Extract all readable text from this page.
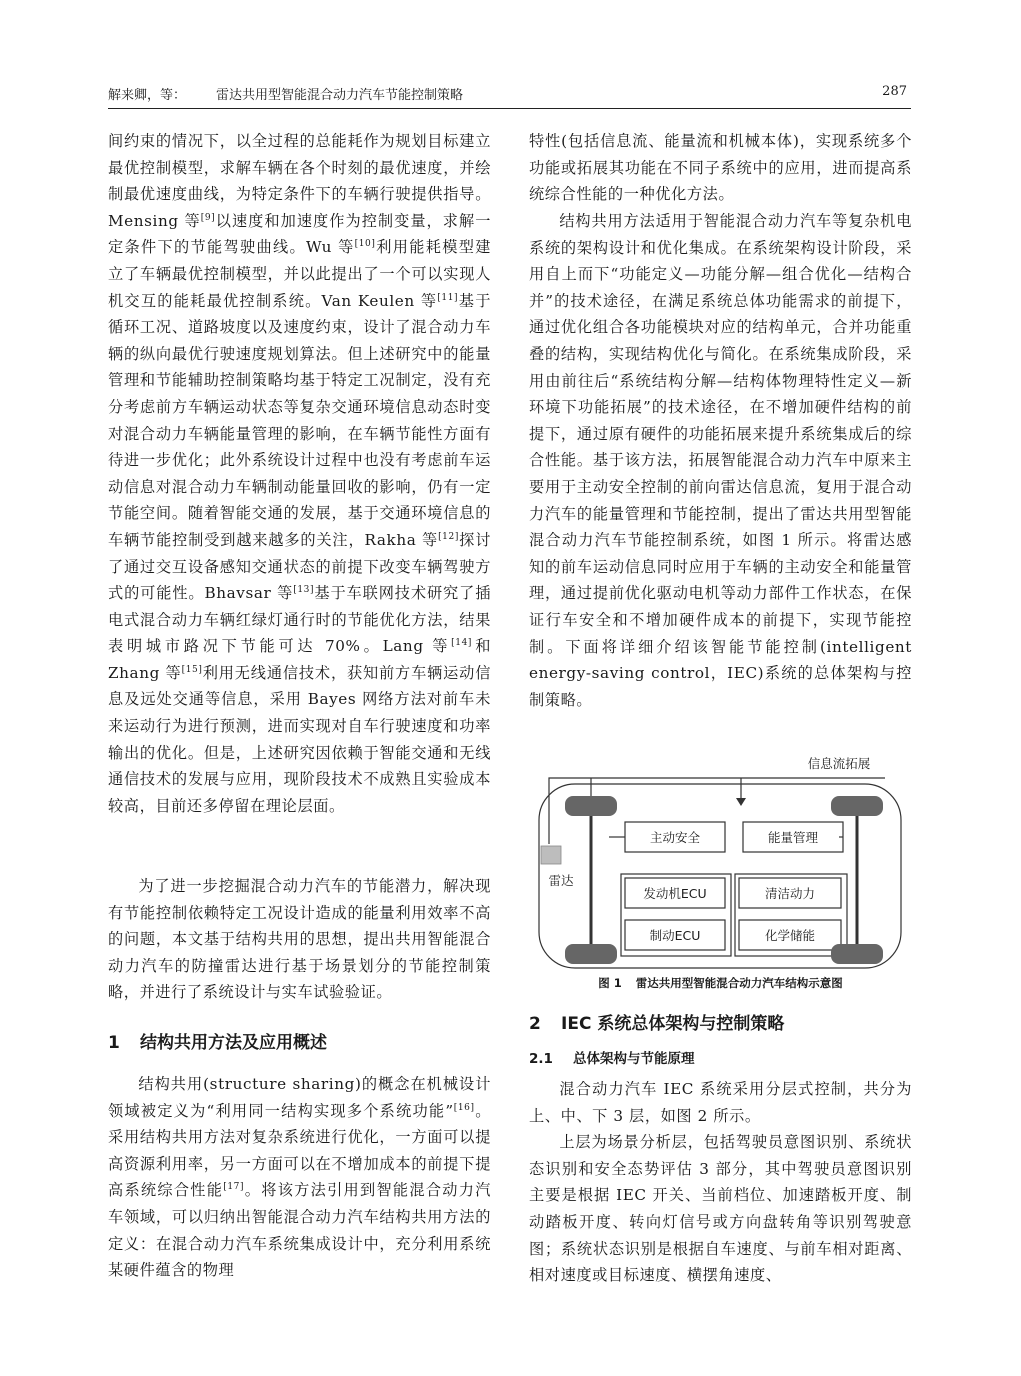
解来卿，等： 雷达共用型智能混合动力汽车节能控制策略	287

间约束的情况下，以全过程的总能耗作为规划目标建立最优控制模型，求解车辆在各个时刻的最优速度，并绘制最优速度曲线，为特定条件下的车辆行驶提供指导。Mensing 等[9]以速度和加速度作为控制变量，求解一定条件下的节能驾驶曲线。Wu 等[10]利用能耗模型建立了车辆最优控制模型，并以此提出了一个可以实现人机交互的能耗最优控制系统。Van Keulen 等[11]基于循环工况、道路坡度以及速度约束，设计了混合动力车辆的纵向最优行驶速度规划算法。但上述研究中的能量管理和节能辅助控制策略均基于特定工况制定，没有充分考虑前方车辆运动状态等复杂交通环境信息动态时变对混合动力车辆能量管理的影响，在车辆节能性方面有待进一步优化；此外系统设计过程中也没有考虑前车运动信息对混合动力车辆制动能量回收的影响，仍有一定节能空间。随着智能交通的发展，基于交通环境信息的车辆节能控制受到越来越多的关注，Rakha 等[12]探讨了通过交互设备感知交通状态的前提下改变车辆驾驶方式的可能性。Bhavsar 等[13]基于车联网技术研究了插电式混合动力车辆红绿灯通行时的节能优化方法，结果表明城市路况下节能可达 70%。Lang 等[14]和 Zhang 等[15]利用无线通信技术，获知前方车辆运动信息及远处交通等信息，采用 Bayes 网络方法对前车未来运动行为进行预测，进而实现对自车行驶速度和功率输出的优化。但是，上述研究因依赖于智能交通和无线通信技术的发展与应用，现阶段技术不成熟且实验成本较高，目前还多停留在理论层面。

为了进一步挖掘混合动力汽车的节能潜力，解决现有节能控制依赖特定工况设计造成的能量利用效率不高的问题，本文基于结构共用的思想，提出共用智能混合动力汽车的防撞雷达进行基于场景划分的节能控制策略，并进行了系统设计与实车试验验证。

1 结构共用方法及应用概述

结构共用(structure sharing)的概念在机械设计领域被定义为“利用同一结构实现多个系统功能”[16]。采用结构共用方法对复杂系统进行优化，一方面可以提高资源利用率，另一方面可以在不增加成本的前提下提高系统综合性能[17]。将该方法引用到智能混合动力汽车领域，可以归纳出智能混合动力汽车结构共用方法的定义：在混合动力汽车系统集成设计中，充分利用系统某硬件蕴含的物理

特性(包括信息流、能量流和机械本体)，实现系统多个功能或拓展其功能在不同子系统中的应用，进而提高系统综合性能的一种优化方法。

结构共用方法适用于智能混合动力汽车等复杂机电系统的架构设计和优化集成。在系统架构设计阶段，采用自上而下“功能定义—功能分解—组合优化—结构合并”的技术途径，在满足系统总体功能需求的前提下，通过优化组合各功能模块对应的结构单元，合并功能重叠的结构，实现结构优化与简化。在系统集成阶段，采用由前往后“系统结构分解—结构体物理特性定义—新环境下功能拓展”的技术途径，在不增加硬件结构的前提下，通过原有硬件的功能拓展来提升系统集成后的综合性能。基于该方法，拓展智能混合动力汽车中原来主要用于主动安全控制的前向雷达信息流，复用于混合动力汽车的能量管理和节能控制，提出了雷达共用型智能混合动力汽车节能控制系统，如图 1 所示。将雷达感知的前车运动信息同时应用于车辆的主动安全和能量管理，通过提前优化驱动电机等动力部件工作状态，在保证行车安全和不增加硬件成本的前提下，实现节能控制。下面将详细介绍该智能节能控制(intelligent energy-saving control，IEC)系统的总体架构与控制策略。

信息流拓展
主动安全	能量管理
发动机ECU
制动ECU
清洁动力
化学储能
雷达
图 1 雷达共用型智能混合动力汽车结构示意图
2 IEC 系统总体架构与控制策略
2.1 总体架构与节能原理

混合动力汽车 IEC 系统采用分层式控制，共分为上、中、下 3 层，如图 2 所示。

上层为场景分析层，包括驾驶员意图识别、系统状态识别和安全态势评估 3 部分，其中驾驶员意图识别主要是根据 IEC 开关、当前档位、加速踏板开度、制动踏板开度、转向灯信号或方向盘转角等识别驾驶意图；系统状态识别是根据自车速度、与前车相对距离、相对速度或目标速度、横摆角速度、
